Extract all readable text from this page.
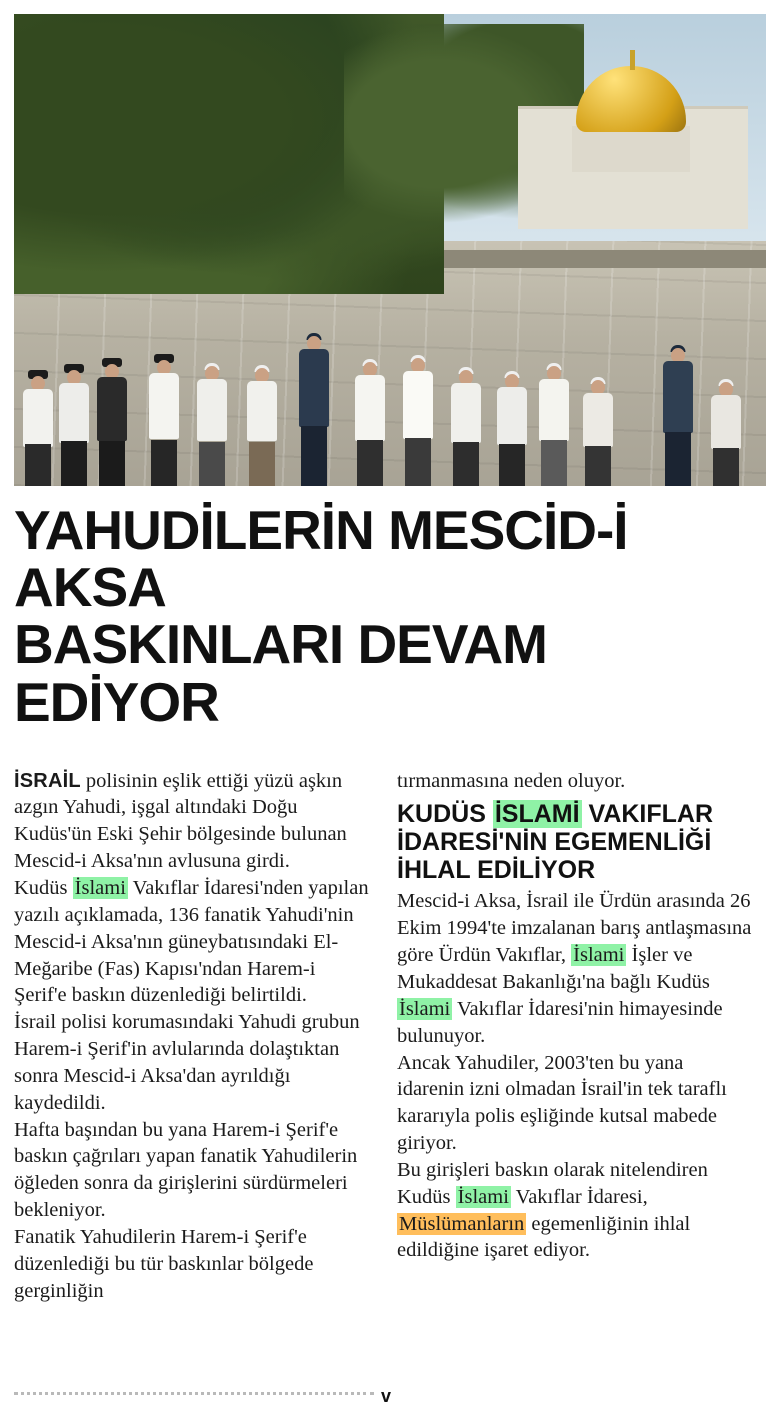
YAHUDİLERİN MESCİD-İ AKSA
BASKINLARI DEVAM EDİYOR

İSRAİL polisinin eşlik ettiği yüzü aşkın azgın Yahudi, işgal altındaki Doğu Kudüs'ün Eski Şehir bölgesinde bulunan Mescid-i Aksa'nın avlusuna girdi.

Kudüs İslami Vakıflar İdaresi'nden yapılan yazılı açıklamada, 136 fanatik Yahudi'nin Mescid-i Aksa'nın güneybatısındaki El-Meğaribe (Fas) Kapısı'ndan Harem-i Şerif'e baskın düzenlediği belirtildi.

İsrail polisi korumasındaki Yahudi grubun Harem-i Şerif'in avlularında dolaştıktan sonra Mescid-i Aksa'dan ayrıldığı kaydedildi.

Hafta başından bu yana Harem-i Şerif'e baskın çağrıları yapan fanatik Yahudilerin öğleden sonra da girişlerini sürdürmeleri bekleniyor.

Fanatik Yahudilerin Harem-i Şerif'e düzenlediği bu tür baskınlar bölgede gerginliğin

tırmanmasına neden oluyor.

KUDÜS İSLAMİ VAKIFLAR İDARESİ'NİN EGEMENLİĞİ İHLAL EDİLİYOR

Mescid-i Aksa, İsrail ile Ürdün arasında 26 Ekim 1994'te imzalanan barış antlaşmasına göre Ürdün Vakıflar, İslami İşler ve Mukaddesat Bakanlığı'na bağlı Kudüs İslami Vakıflar İdaresi'nin himayesinde bulunuyor.

Ancak Yahudiler, 2003'ten bu yana idarenin izni olmadan İsrail'in tek taraflı kararıyla polis eşliğinde kutsal mabede giriyor.

Bu girişleri baskın olarak nitelendiren Kudüs İslami Vakıflar İdaresi, Müslümanların egemenliğinin ihlal edildiğine işaret ediyor.

v
